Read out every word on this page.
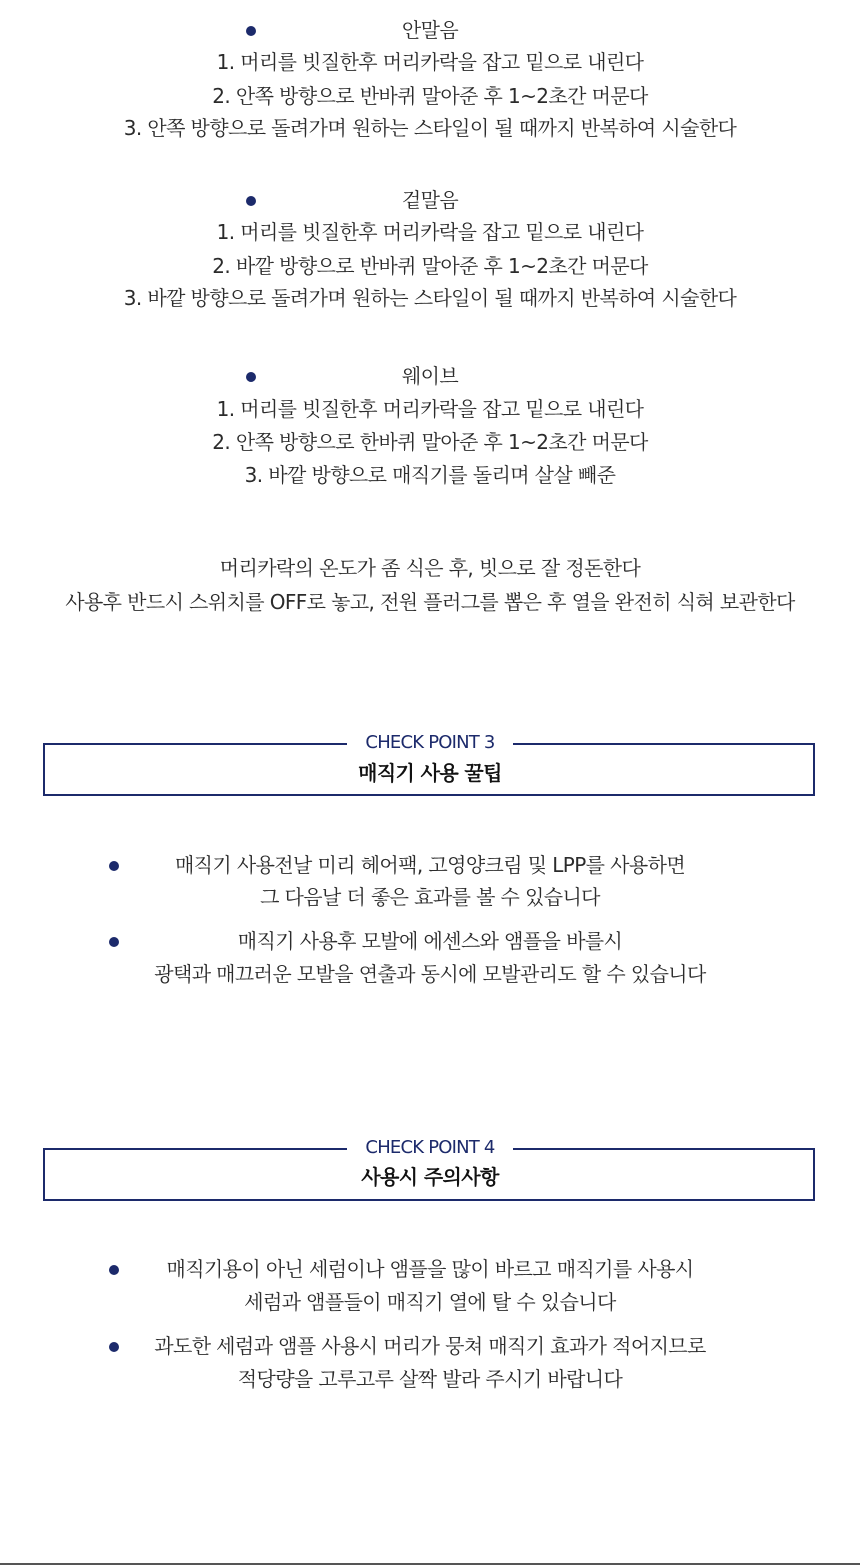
안말음
1. 머리를 빗질한후 머리카락을 잡고 밑으로 내린다
2. 안쪽 방향으로 반바퀴 말아준 후 1~2초간 머문다
3. 안쪽 방향으로 돌려가며 원하는 스타일이 될 때까지 반복하여 시술한다
겉말음
1. 머리를 빗질한후 머리카락을 잡고 밑으로 내린다
2. 바깥 방향으로 반바퀴 말아준 후 1~2초간 머문다
3. 바깥 방향으로 돌려가며 원하는 스타일이 될 때까지 반복하여 시술한다
웨이브
1. 머리를 빗질한후 머리카락을 잡고 밑으로 내린다
2. 안쪽 방향으로 한바퀴 말아준 후 1~2초간 머문다
3. 바깥 방향으로 매직기를 돌리며 살살 빼준
머리카락의 온도가 좀 식은 후, 빗으로 잘 정돈한다
사용후 반드시 스위치를 OFF로 놓고, 전원 플러그를 뽑은 후 열을 완전히 식혀 보관한다
CHECK POINT 3
매직기 사용 꿀팁
매직기 사용전날 미리 헤어팩, 고영양크림 및 LPP를 사용하면
그 다음날 더 좋은 효과를 볼 수 있습니다
매직기 사용후 모발에 에센스와 앰플을 바를시
광택과 매끄러운 모발을 연출과 동시에 모발관리도 할 수 있습니다
CHECK POINT 4
사용시 주의사항
매직기용이 아닌 세럼이나 앰플을 많이 바르고 매직기를 사용시
세럼과 앰플들이 매직기 열에 탈 수 있습니다
과도한 세럼과 앰플 사용시 머리가 뭉쳐 매직기 효과가 적어지므로
적당량을 고루고루 살짝 발라 주시기 바랍니다
